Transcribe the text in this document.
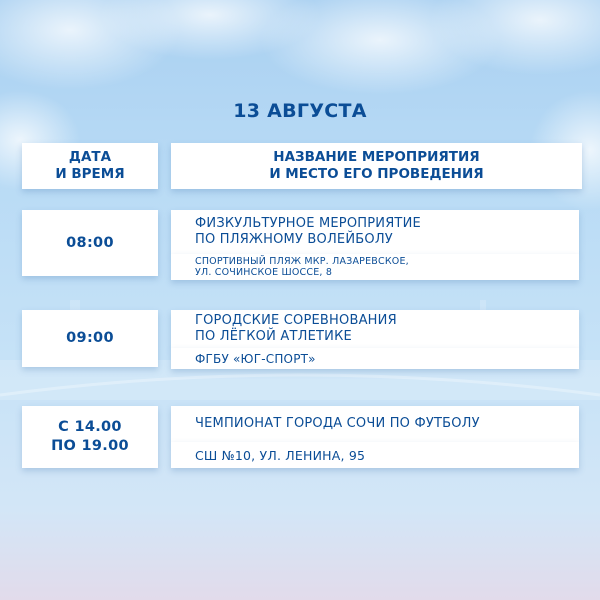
13 АВГУСТА
ДАТА
И ВРЕМЯ
НАЗВАНИЕ МЕРОПРИЯТИЯ
И МЕСТО ЕГО ПРОВЕДЕНИЯ
08:00
ФИЗКУЛЬТУРНОЕ МЕРОПРИЯТИЕ
ПО ПЛЯЖНОМУ ВОЛЕЙБОЛУ
СПОРТИВНЫЙ ПЛЯЖ МКР. ЛАЗАРЕВСКОЕ,
УЛ. СОЧИНСКОЕ ШОССЕ, 8
09:00
ГОРОДСКИЕ СОРЕВНОВАНИЯ
ПО ЛЁГКОЙ АТЛЕТИКЕ
ФГБУ «ЮГ-СПОРТ»
С 14.00
ПО 19.00
ЧЕМПИОНАТ ГОРОДА СОЧИ ПО ФУТБОЛУ
СШ №10, УЛ. ЛЕНИНА, 95
